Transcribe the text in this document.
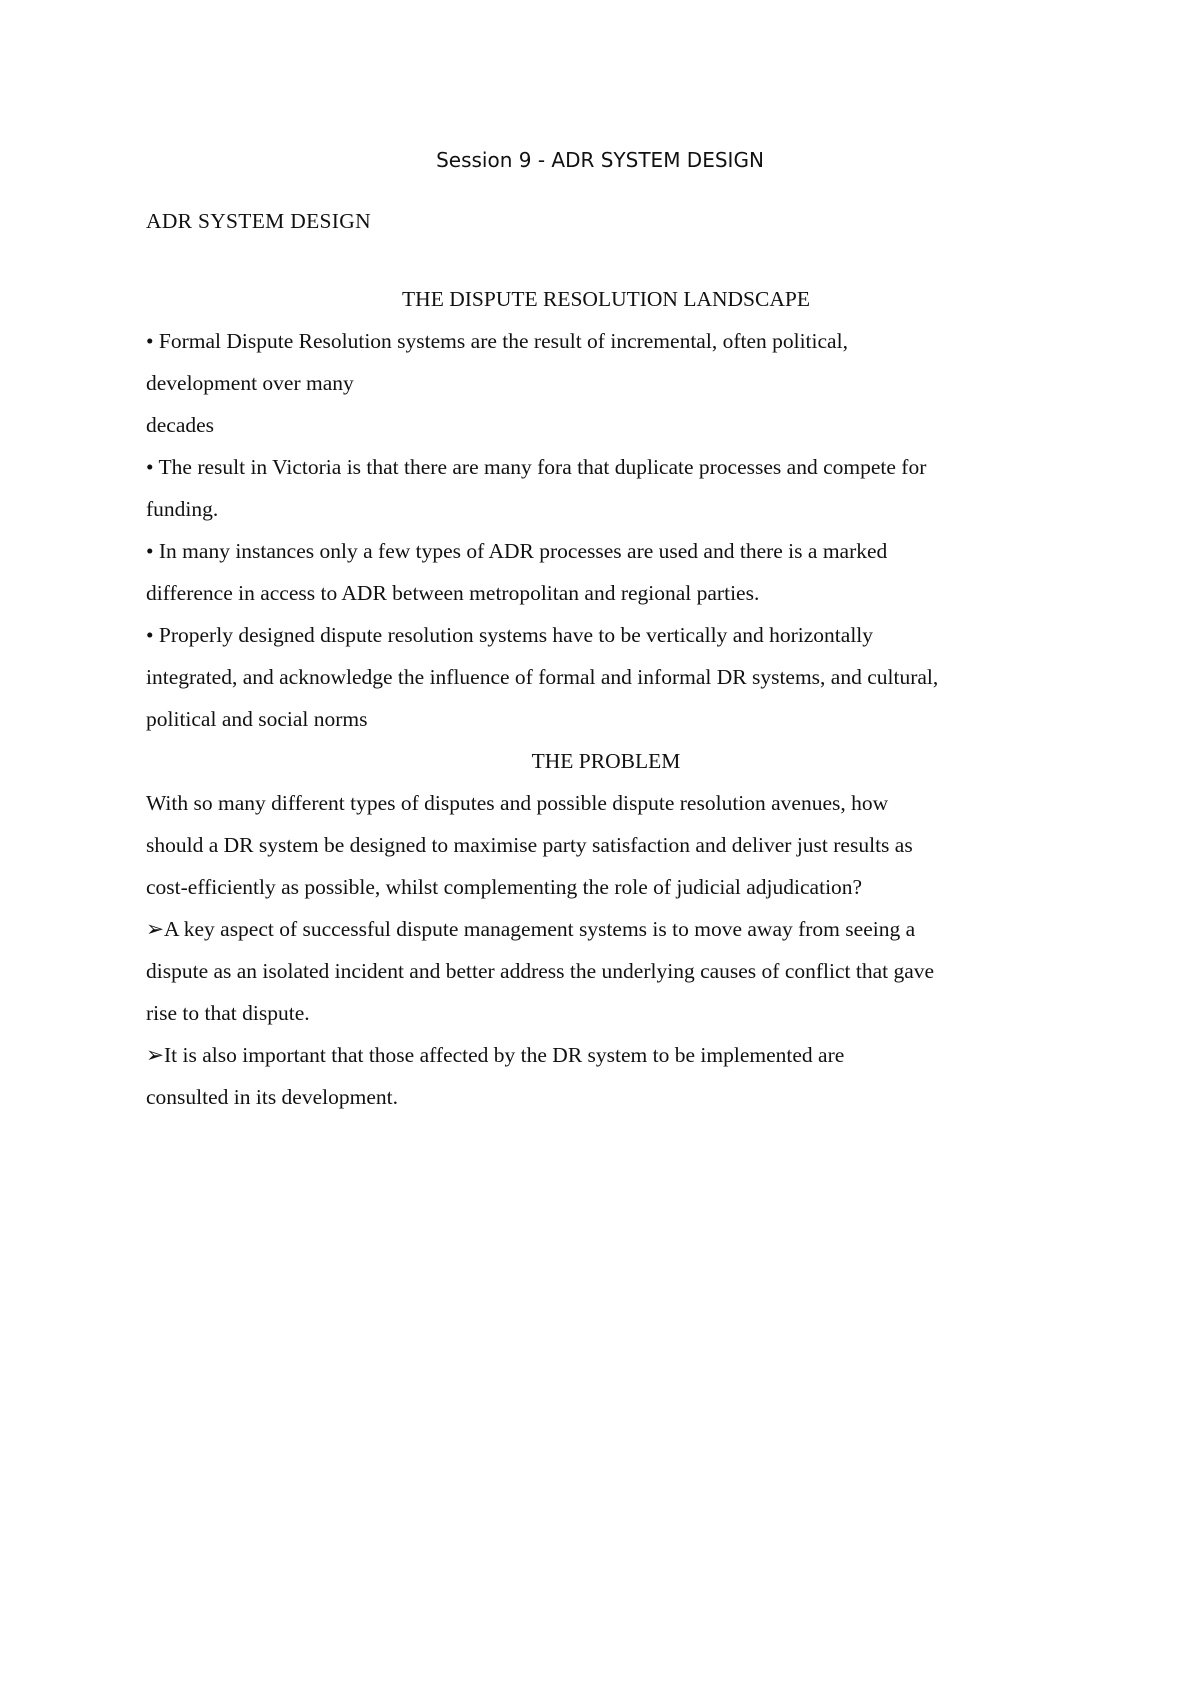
Session 9 - ADR SYSTEM DESIGN
ADR SYSTEM DESIGN
THE DISPUTE RESOLUTION LANDSCAPE
• Formal Dispute Resolution systems are the result of incremental, often political,
development over many
decades
• The result in Victoria is that there are many fora that duplicate processes and compete for
funding.
• In many instances only a few types of ADR processes are used and there is a marked
difference in access to ADR between metropolitan and regional parties.
• Properly designed dispute resolution systems have to be vertically and horizontally
integrated, and acknowledge the influence of formal and informal DR systems, and cultural,
political and social norms
THE PROBLEM
With so many different types of disputes and possible dispute resolution avenues, how
should a DR system be designed to maximise party satisfaction and deliver just results as
cost-efficiently as possible, whilst complementing the role of judicial adjudication?
➢A key aspect of successful dispute management systems is to move away from seeing a
dispute as an isolated incident and better address the underlying causes of conflict that gave
rise to that dispute.
➢It is also important that those affected by the DR system to be implemented are
consulted in its development.
